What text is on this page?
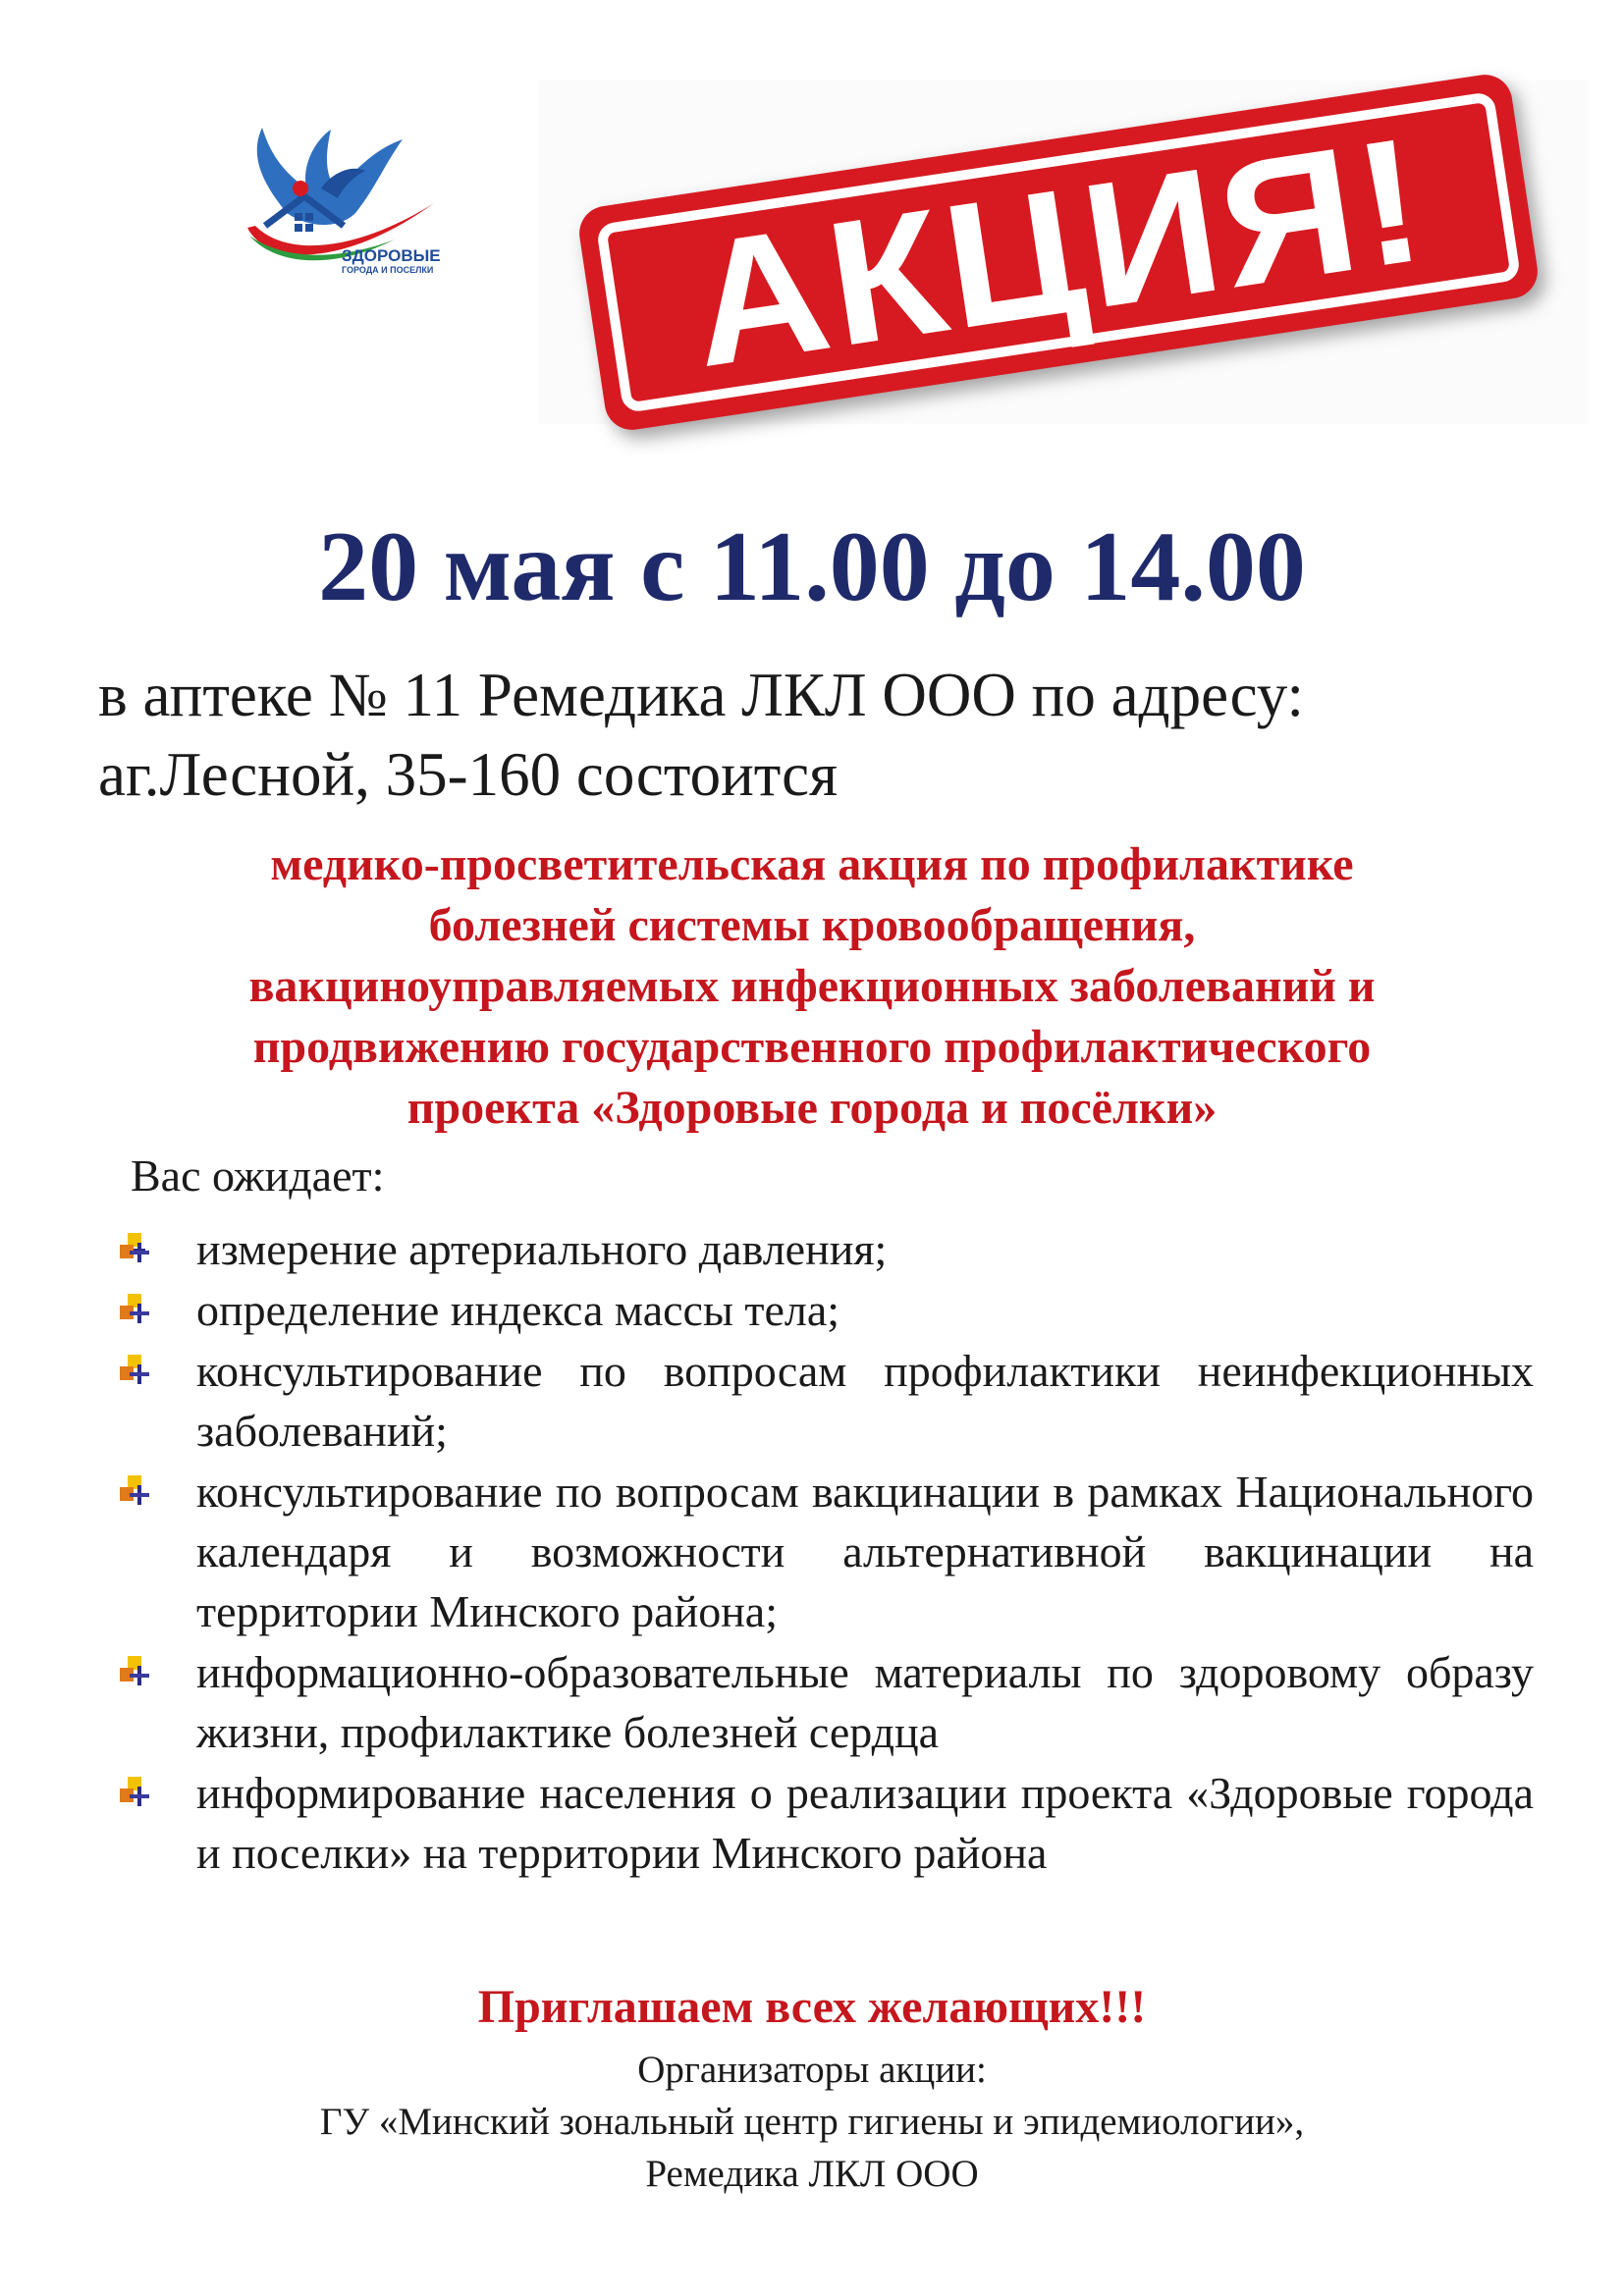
ЗДОРОВЫЕ
ГОРОДА И ПОСЕЛКИ АКЦИЯ!
20 мая с 11.00 до 14.00
в аптеке № 11 Ремедика ЛКЛ ООО по адресу:
аг.Лесной, 35-160 состоится
медико-просветительская акция по профилактике
болезней системы кровообращения,
вакциноуправляемых инфекционных заболеваний и
продвижению государственного профилактического
проекта «Здоровые города и посёлки»
Вас ожидает:
измерение артериального давления;
определение индекса массы тела;
консультирование по вопросам профилактики неинфекционных заболеваний;
консультирование по вопросам вакцинации в рамках Национального календаря и возможности альтернативной вакцинации на территории Минского района;
информационно-образовательные материалы по здоровому образу жизни, профилактике болезней сердца
информирование населения о реализации проекта «Здоровые города и поселки» на территории Минского района
Приглашаем всех желающих!!!
Организаторы акции:
ГУ «Минский зональный центр гигиены и эпидемиологии»,
Ремедика ЛКЛ ООО
